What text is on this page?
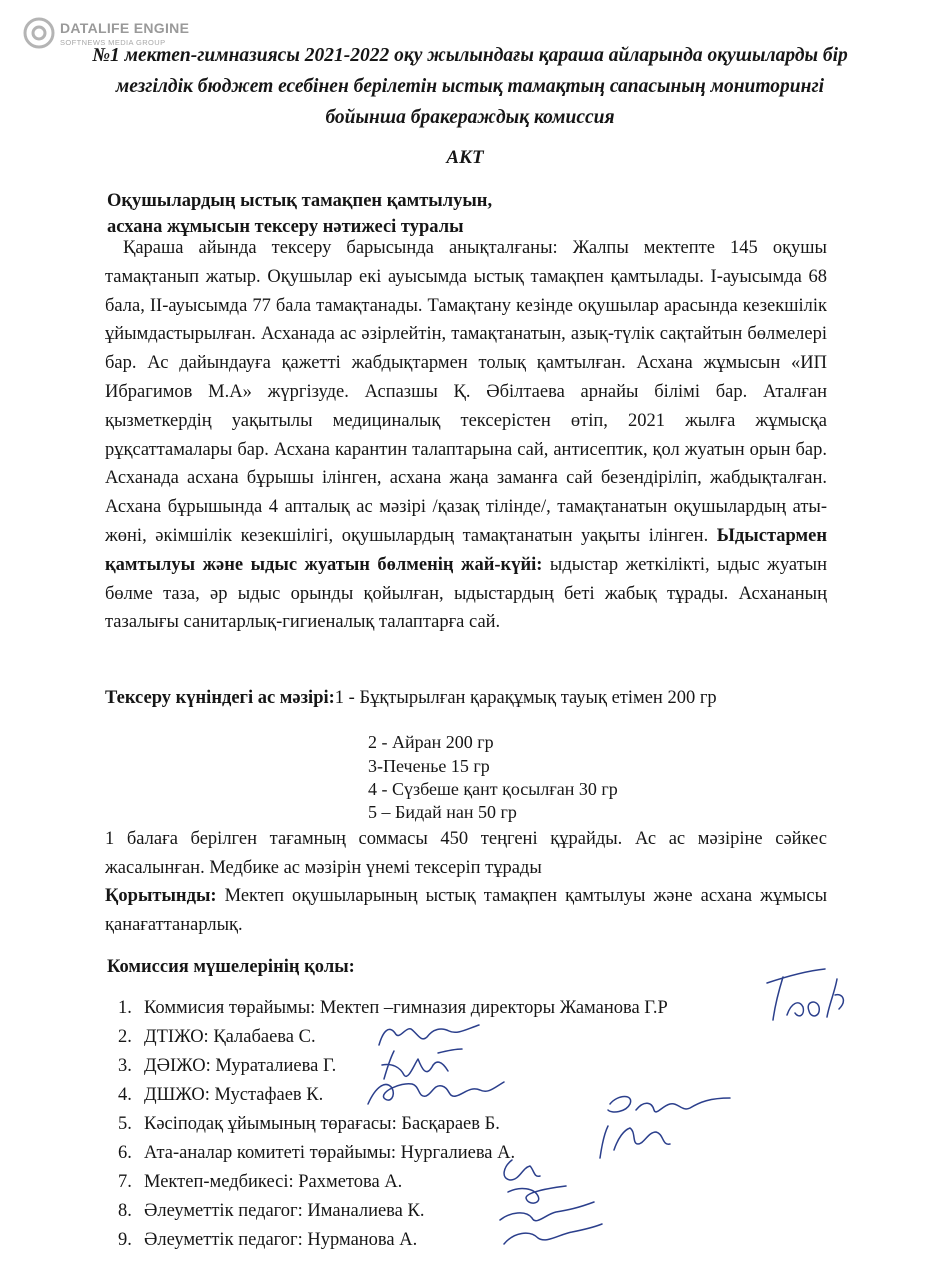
DATALIFE ENGINE
SOFTNEWS MEDIA GROUP
№1 мектеп-гимназиясы 2021-2022 оқу жылындағы қараша айларында оқушыларды бір мезгілдік бюджет есебінен берілетін ыстық тамақтың сапасының мониторингі бойынша бракераждық комиссия
АКТ
Оқушылардың ыстық тамақпен қамтылуын,
асхана жұмысын тексеру нәтижесі туралы
Қараша айында тексеру барысында анықталғаны: Жалпы мектепте 145 оқушы тамақтанып жатыр. Оқушылар екі ауысымда ыстық тамақпен қамтылады. I-ауысымда 68 бала, II-ауысымда 77 бала тамақтанады. Тамақтану кезінде оқушылар арасында кезекшілік ұйымдастырылған. Асханада ас әзірлейтін, тамақтанатын, азық-түлік сақтайтын бөлмелері бар. Ас дайындауға қажетті жабдықтармен толық қамтылған. Асхана жұмысын «ИП Ибрагимов М.А» жүргізуде. Аспазшы Қ. Әбілтаева арнайы білімі бар. Аталған қызметкердің уақытылы медициналық тексерістен өтіп, 2021 жылға жұмысқа рұқсаттамалары бар. Асхана карантин талаптарына сай, антисептик, қол жуатын орын бар. Асханада асхана бұрышы ілінген, асхана жаңа заманға сай безендіріліп, жабдықталған. Асхана бұрышында 4 апталық ас мәзірі /қазақ тілінде/, тамақтанатын оқушылардың аты-жөні, әкімшілік кезекшілігі, оқушылардың тамақтанатын уақыты ілінген. Ыдыстармен қамтылуы және ыдыс жуатын бөлменің жай-күйі: ыдыстар жеткілікті, ыдыс жуатын бөлме таза, әр ыдыс орынды қойылған, ыдыстардың беті жабық тұрады. Асхананың тазалығы санитарлық-гигиеналық талаптарға сай.
Тексеру күніндегі ас мәзірі:1 - Бұқтырылған қарақұмық тауық етімен 200 гр
2 - Айран 200 гр
3-Печенье 15 гр
4 - Сүзбеше қант қосылған 30 гр
5 – Бидай нан 50 гр
1 балаға берілген тағамның соммасы 450 теңгені құрайды. Ас ас мәзіріне сәйкес жасалынған. Медбике ас мәзірін үнемі тексеріп тұрады
Қорытынды: Мектеп оқушыларының ыстық тамақпен қамтылуы және асхана жұмысы қанағаттанарлық.
Комиссия мүшелерінің қолы:
1. Коммисия төрайымы: Мектеп –гимназия директоры Жаманова Г.Р
2. ДТІЖО: Қалабаева С.
3. ДӘІЖО: Мураталиева Г.
4. ДШЖО: Мустафаев К.
5. Кәсіподақ ұйымының төрағасы: Басқараев Б.
6. Ата-аналар комитеті төрайымы: Нургалиева А.
7. Мектеп-медбикесі: Рахметова А.
8. Әлеуметтік педагог: Иманалиева К.
9. Әлеуметтік педагог: Нурманова А.
